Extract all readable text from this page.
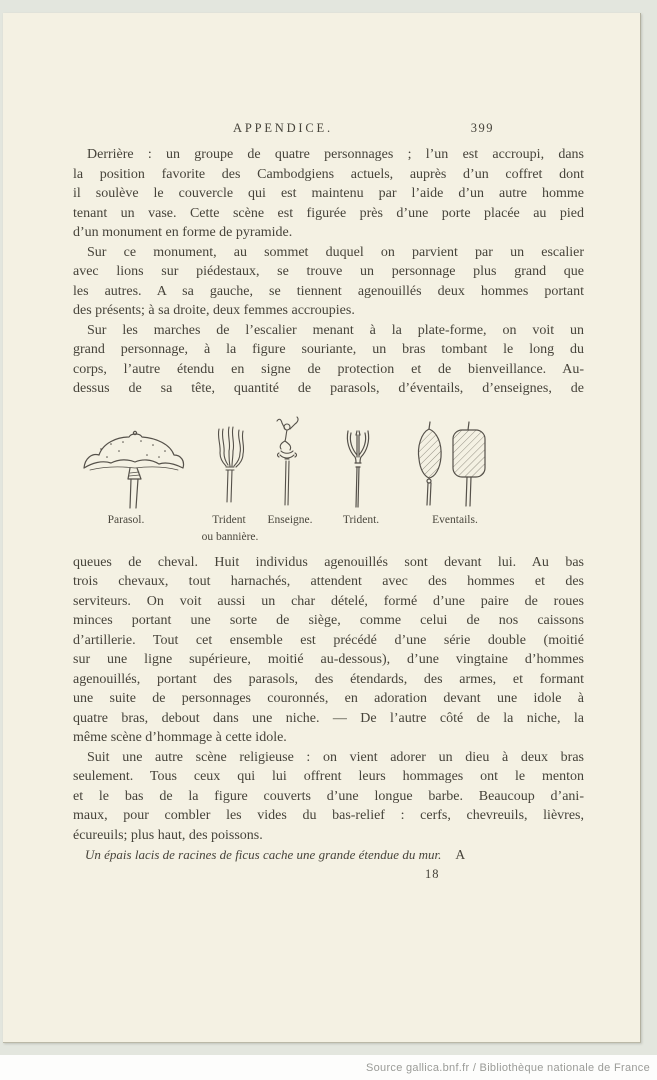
APPENDICE.	399
Derrière : un groupe de quatre personnages ; l’un est accroupi, dans
la position favorite des Cambodgiens actuels, auprès d’un coffret dont
il soulève le couvercle qui est maintenu par l’aide d’un autre homme
tenant un vase. Cette scène est figurée près d’une porte placée au pied
d’un monument en forme de pyramide.
Sur ce monument, au sommet duquel on parvient par un escalier
avec lions sur piédestaux, se trouve un personnage plus grand que
les autres. A sa gauche, se tiennent agenouillés deux hommes portant
des présents; à sa droite, deux femmes accroupies.
Sur les marches de l’escalier menant à la plate-forme, on voit un
grand personnage, à la figure souriante, un bras tombant le long du
corps, l’autre étendu en signe de protection et de bienveillance. Au-
dessus de sa tête, quantité de parasols, d’éventails, d’enseignes, de
Parasol.	Trident
ou bannière.
Enseigne.	Trident.	Eventails.
queues de cheval. Huit individus agenouillés sont devant lui. Au bas
trois chevaux, tout harnachés, attendent avec des hommes et des
serviteurs. On voit aussi un char dételé, formé d’une paire de roues
minces portant une sorte de siège, comme celui de nos caissons
d’artillerie. Tout cet ensemble est précédé d’une série double (moitié
sur une ligne supérieure, moitié au-dessous), d’une vingtaine d’hommes
agenouillés, portant des parasols, des étendards, des armes, et formant
une suite de personnages couronnés, en adoration devant une idole à
quatre bras, debout dans une niche. — De l’autre côté de la niche, la
même scène d’hommage à cette idole.
Suit une autre scène religieuse : on vient adorer un dieu à deux bras
seulement. Tous ceux qui lui offrent leurs hommages ont le menton
et le bas de la figure couverts d’une longue barbe. Beaucoup d’ani-
maux, pour combler les vides du bas-relief : cerfs, chevreuils, lièvres,
écureuils; plus haut, des poissons.
Un épais lacis de racines de ficus cache une grande étendue du mur. A
18
Source gallica.bnf.fr / Bibliothèque nationale de France
